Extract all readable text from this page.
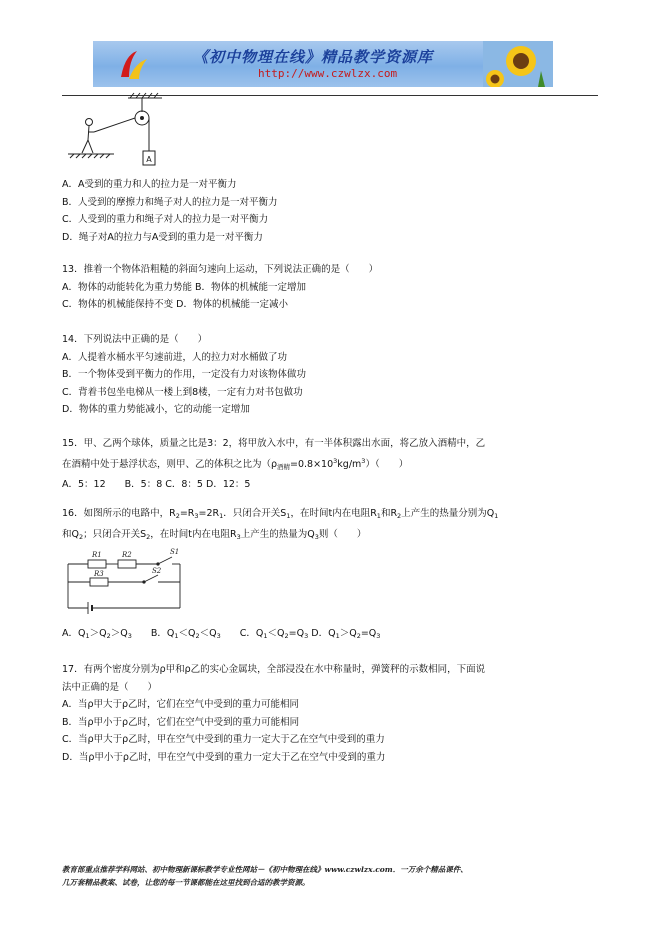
《初中物理在线》精品教学资源库
http://www.czwlzx.com
A
A．A受到的重力和人的拉力是一对平衡力
B．人受到的摩擦力和绳子对人的拉力是一对平衡力
C．人受到的重力和绳子对人的拉力是一对平衡力
D．绳子对A的拉力与A受到的重力是一对平衡力
13．推着一个物体沿粗糙的斜面匀速向上运动，下列说法正确的是（　　）
A．物体的动能转化为重力势能 B．物体的机械能一定增加
C．物体的机械能保持不变 D．物体的机械能一定减小
14．下列说法中正确的是（　　）
A．人提着水桶水平匀速前进，人的拉力对水桶做了功
B．一个物体受到平衡力的作用，一定没有力对该物体做功
C．背着书包坐电梯从一楼上到8楼，一定有力对书包做功
D．物体的重力势能减小，它的动能一定增加
15．甲、乙两个球体，质量之比是3：2，将甲放入水中，有一半体积露出水面，将乙放入酒精中，乙
在酒精中处于悬浮状态，则甲、乙的体积之比为$(\rho_{酒精}=0.8\times 10^3kg/m^3)$（　　）
A．5：12　　B．5：8 C．8：5 D．12：5
16．如图所示的电路中，$R_2=R_3=2R_1$．只闭合开关$S_1$，在时间t内在电阻$R_1$和$R_2$上产生的热量分别为$Q_1$
和$Q_2$；只闭合开关$S_2$，在时间t内在电阻$R_3$上产生的热量为$Q_3$则（　　）
R1	R2
R3
S1
S2
A．$Q_1>Q_2>Q_3$　　B．$Q_1<Q_2<Q_3$　　C．$Q_1<Q_2=Q_3$ D．$Q_1>Q_2=Q_3$
17．有两个密度分别为ρ甲和ρ乙的实心金属块，全部浸没在水中称量时，弹簧秤的示数相同，下面说
法中正确的是（　　）
A．当ρ甲大于ρ乙时，它们在空气中受到的重力可能相同
B．当ρ甲小于ρ乙时，它们在空气中受到的重力可能相同
C．当ρ甲大于ρ乙时，甲在空气中受到的重力一定大于乙在空气中受到的重力
D．当ρ甲小于ρ乙时，甲在空气中受到的重力一定大于乙在空气中受到的重力
教育部重点推荐学科网站、初中物理新课标教学专业性网站－《初中物理在线》www.czwlzx.com．一万余个精品课件、
几万套精品教案、试卷，让您的每一节课都能在这里找到合适的教学资源。
